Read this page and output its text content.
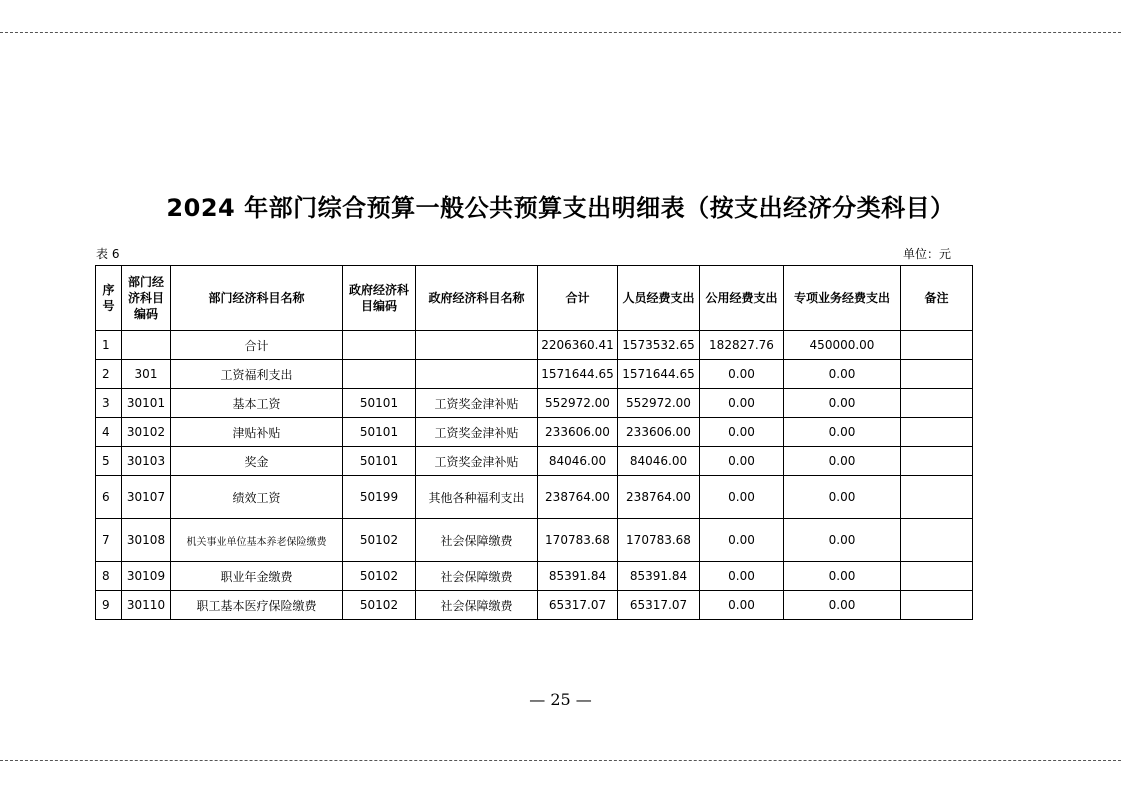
2024 年部门综合预算一般公共预算支出明细表（按支出经济分类科目）
表 6	单位：元
序号	部门经济科目编码	部门经济科目名称	政府经济科目编码	政府经济科目名称	合计	人员经费支出	公用经费支出	专项业务经费支出	备注
1		合计			2206360.41	1573532.65	182827.76	450000.00	
2	301	工资福利支出			1571644.65	1571644.65	0.00	0.00	
3	30101	基本工资	50101	工资奖金津补贴	552972.00	552972.00	0.00	0.00	
4	30102	津贴补贴	50101	工资奖金津补贴	233606.00	233606.00	0.00	0.00	
5	30103	奖金	50101	工资奖金津补贴	84046.00	84046.00	0.00	0.00	
6	30107	绩效工资	50199	其他各种福利支出	238764.00	238764.00	0.00	0.00	
7	30108	机关事业单位基本养老保险缴费	50102	社会保障缴费	170783.68	170783.68	0.00	0.00	
8	30109	职业年金缴费	50102	社会保障缴费	85391.84	85391.84	0.00	0.00	
9	30110	职工基本医疗保险缴费	50102	社会保障缴费	65317.07	65317.07	0.00	0.00	
— 25 —
